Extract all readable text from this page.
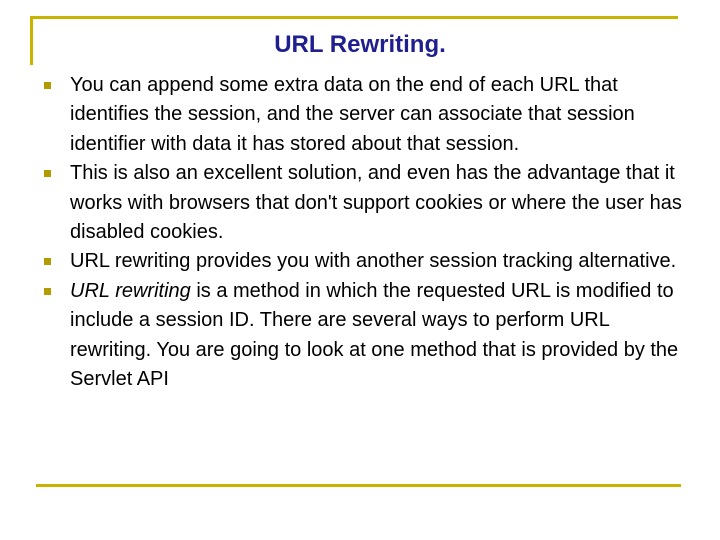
URL Rewriting.
You can append some extra data on the end of each URL that identifies the session, and the server can associate that session identifier with data it has stored about that session.
This is also an excellent solution, and even has the advantage that it works with browsers that don't support cookies or where the user has disabled cookies.
URL rewriting provides you with another session tracking alternative.
URL rewriting is a method in which the requested URL is modified to include a session ID. There are several ways to perform URL rewriting. You are going to look at one method that is provided by the Servlet API
